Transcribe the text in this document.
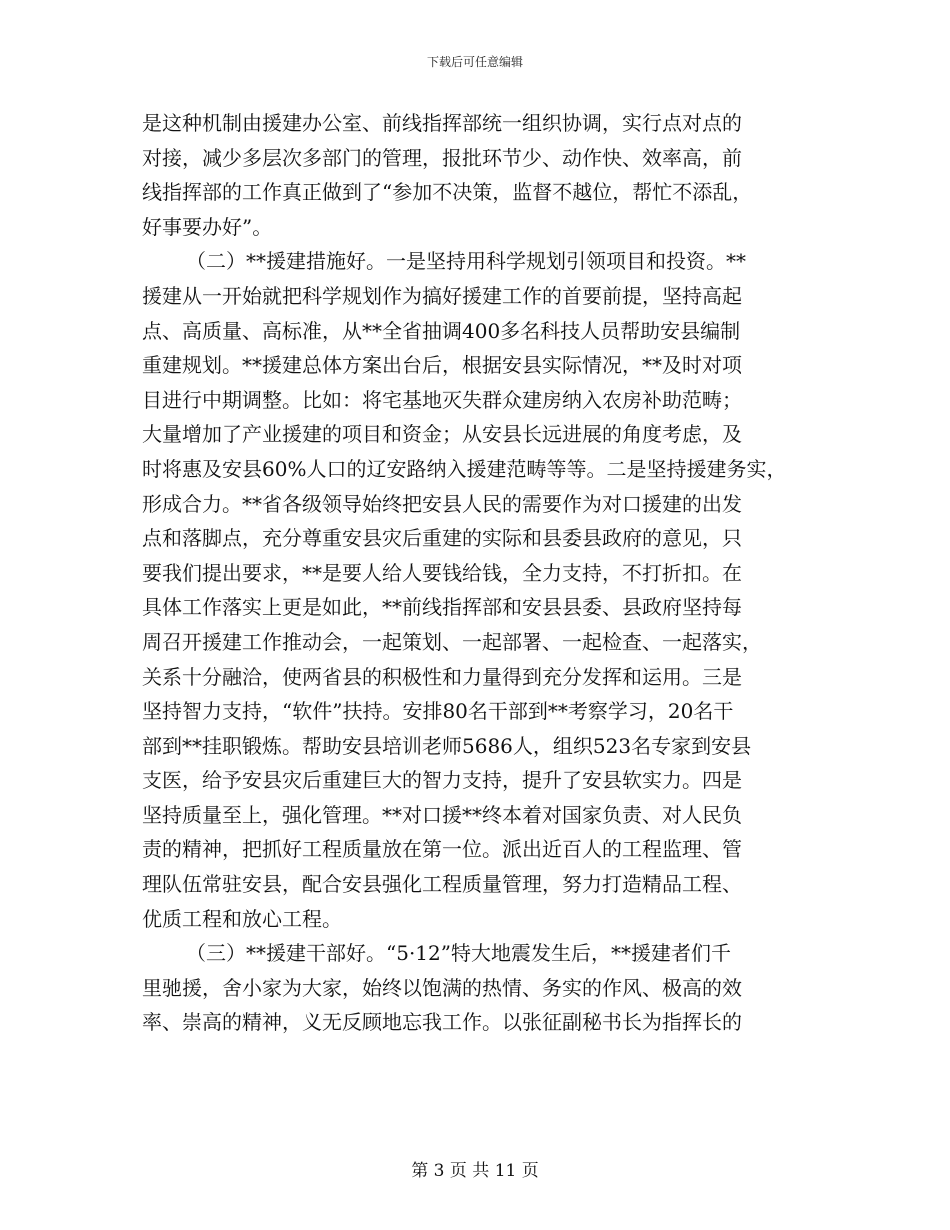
下载后可任意编辑
是这种机制由援建办公室、前线指挥部统一组织协调，实行点对点的
对接，减少多层次多部门的管理，报批环节少、动作快、效率高，前
线指挥部的工作真正做到了“参加不决策，监督不越位，帮忙不添乱，
好事要办好”。
（二）**援建措施好。一是坚持用科学规划引领项目和投资。**
援建从一开始就把科学规划作为搞好援建工作的首要前提，坚持高起
点、高质量、高标准，从**全省抽调400多名科技人员帮助安县编制
重建规划。**援建总体方案出台后，根据安县实际情况，**及时对项
目进行中期调整。比如：将宅基地灭失群众建房纳入农房补助范畴；
大量增加了产业援建的项目和资金；从安县长远进展的角度考虑，及
时将惠及安县60%人口的辽安路纳入援建范畴等等。二是坚持援建务实，
形成合力。**省各级领导始终把安县人民的需要作为对口援建的出发
点和落脚点，充分尊重安县灾后重建的实际和县委县政府的意见，只
要我们提出要求，**是要人给人要钱给钱，全力支持，不打折扣。在
具体工作落实上更是如此，**前线指挥部和安县县委、县政府坚持每
周召开援建工作推动会，一起策划、一起部署、一起检查、一起落实，
关系十分融洽，使两省县的积极性和力量得到充分发挥和运用。三是
坚持智力支持，“软件”扶持。安排80名干部到**考察学习，20名干
部到**挂职锻炼。帮助安县培训老师5686人，组织523名专家到安县
支医，给予安县灾后重建巨大的智力支持，提升了安县软实力。四是
坚持质量至上，强化管理。**对口援**终本着对国家负责、对人民负
责的精神，把抓好工程质量放在第一位。派出近百人的工程监理、管
理队伍常驻安县，配合安县强化工程质量管理，努力打造精品工程、
优质工程和放心工程。
（三）**援建干部好。“5·12”特大地震发生后，**援建者们千
里驰援，舍小家为大家，始终以饱满的热情、务实的作风、极高的效
率、崇高的精神，义无反顾地忘我工作。以张征副秘书长为指挥长的
第 3 页 共 11 页
